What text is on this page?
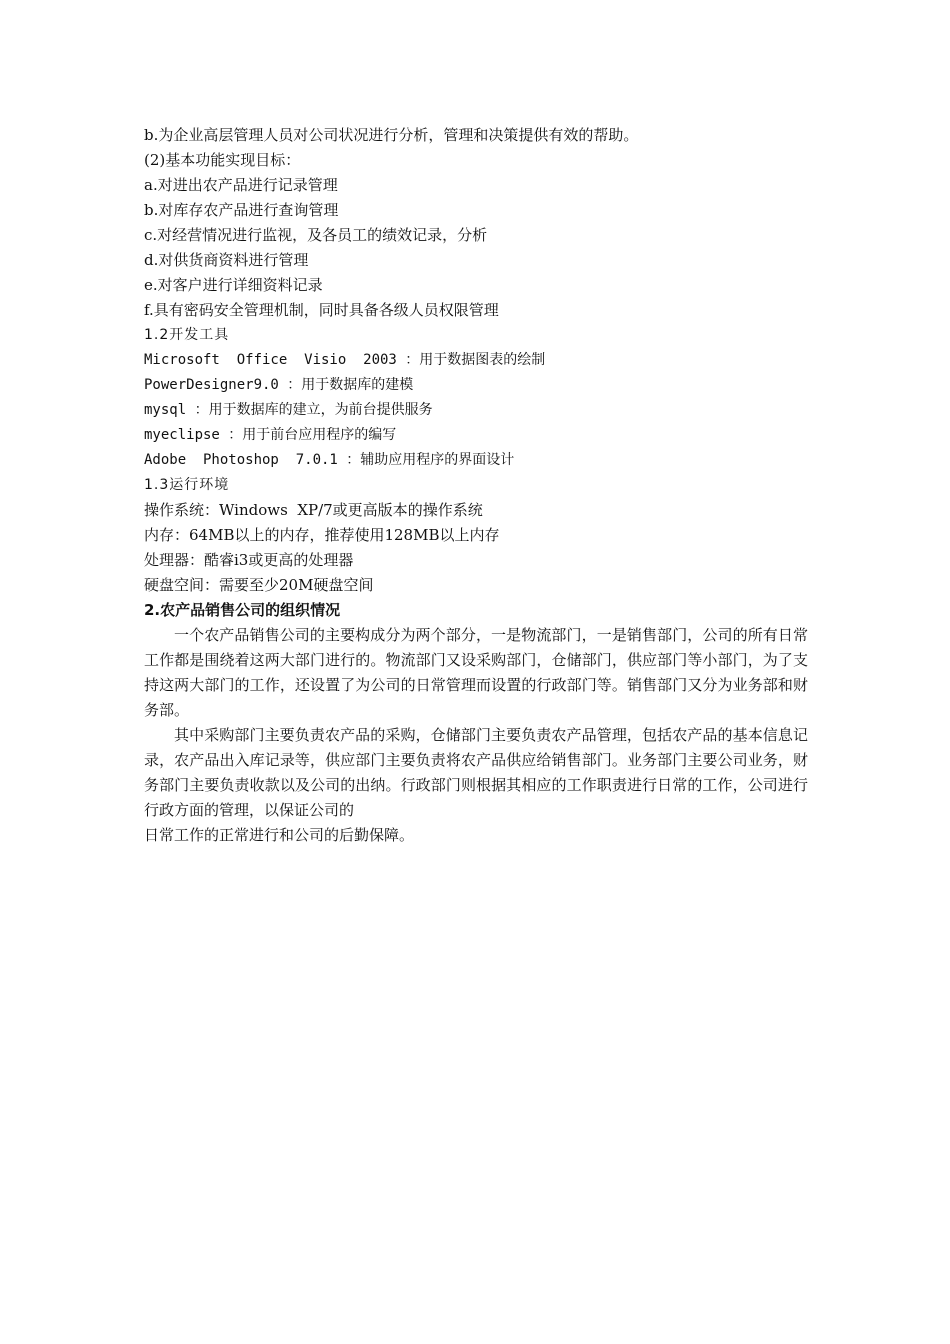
b.为企业高层管理人员对公司状况进行分析，管理和决策提供有效的帮助。

(2)基本功能实现目标：

a.对进出农产品进行记录管理

b.对库存农产品进行查询管理

c.对经营情况进行监视，及各员工的绩效记录，分析

d.对供货商资料进行管理

e.对客户进行详细资料记录

f.具有密码安全管理机制，同时具备各级人员权限管理

1.2开发工具

Microsoft  Office  Visio  2003 ：用于数据图表的绘制

PowerDesigner9.0 ：用于数据库的建模

mysql ：用于数据库的建立，为前台提供服务

myeclipse ：用于前台应用程序的编写

Adobe  Photoshop  7.0.1 ：辅助应用程序的界面设计

1.3运行环境

操作系统：Windows  XP/7或更高版本的操作系统

内存：64MB以上的内存，推荐使用128MB以上内存

处理器：酷睿i3或更高的处理器

硬盘空间：需要至少20M硬盘空间

2.农产品销售公司的组织情况

一个农产品销售公司的主要构成分为两个部分，一是物流部门，一是销售部门，公司的所有日常工作都是围绕着这两大部门进行的。物流部门又设采购部门，仓储部门，供应部门等小部门，为了支持这两大部门的工作，还设置了为公司的日常管理而设置的行政部门等。销售部门又分为业务部和财务部。

其中采购部门主要负责农产品的采购，仓储部门主要负责农产品管理，包括农产品的基本信息记录，农产品出入库记录等，供应部门主要负责将农产品供应给销售部门。业务部门主要公司业务，财务部门主要负责收款以及公司的出纳。行政部门则根据其相应的工作职责进行日常的工作，公司进行行政方面的管理，以保证公司的

日常工作的正常进行和公司的后勤保障。
